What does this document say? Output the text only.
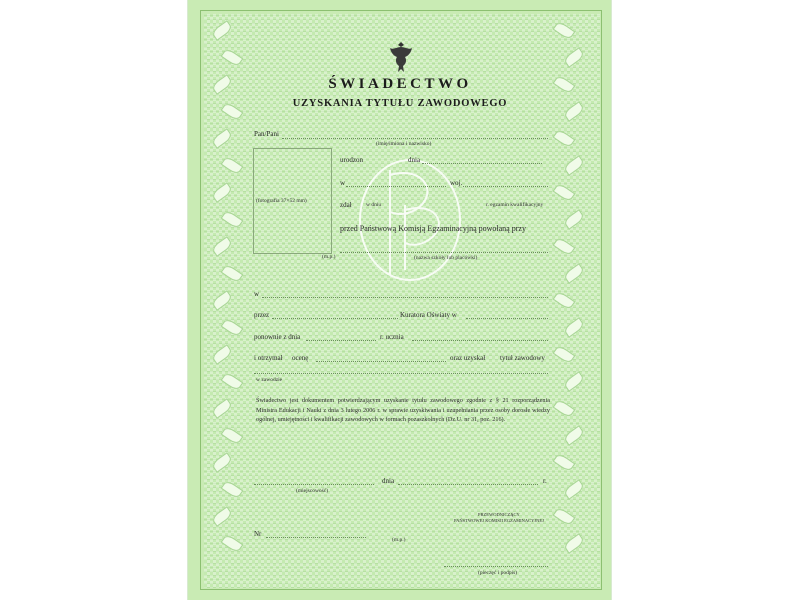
ŚWIADECTWO
UZYSKANIA TYTUŁU ZAWODOWEGO
(fotografia 37×52 mm)
Pan/Pani
(imię/imiona i nazwisko)
urodzon	dnia
w	woj.
zdał	w dniu	r. egzamin kwalifikacyjny
przed Państwową Komisją Egzaminacyjną powołaną przy
(m.p.)	(nazwa szkoły lub placówki)
w
przez	Kuratora Oświaty w
ponownie z dnia	r. ucznia
i otrzymał ocenę	oraz uzyskał tytuł zawodowy
w zawodzie
Świadectwo jest dokumentem potwierdzającym uzyskanie tytułu zawodowego zgodnie z § 21 rozporządzenia Ministra Edukacji i Nauki z dnia 3 lutego 2006 r. w sprawie uzyskiwania i uzupełniania przez osoby dorosłe wiedzy ogólnej, umiejętności i kwalifikacji zawodowych w formach pozaszkolnych (Dz.U. nr 31, poz. 216).
dnia	r.
(miejscowość)
PRZEWODNICZĄCY
PAŃSTWOWEJ KOMISJI EGZAMINACYJNEJ
Nr
(m.p.)
(pieczęć i podpis)
